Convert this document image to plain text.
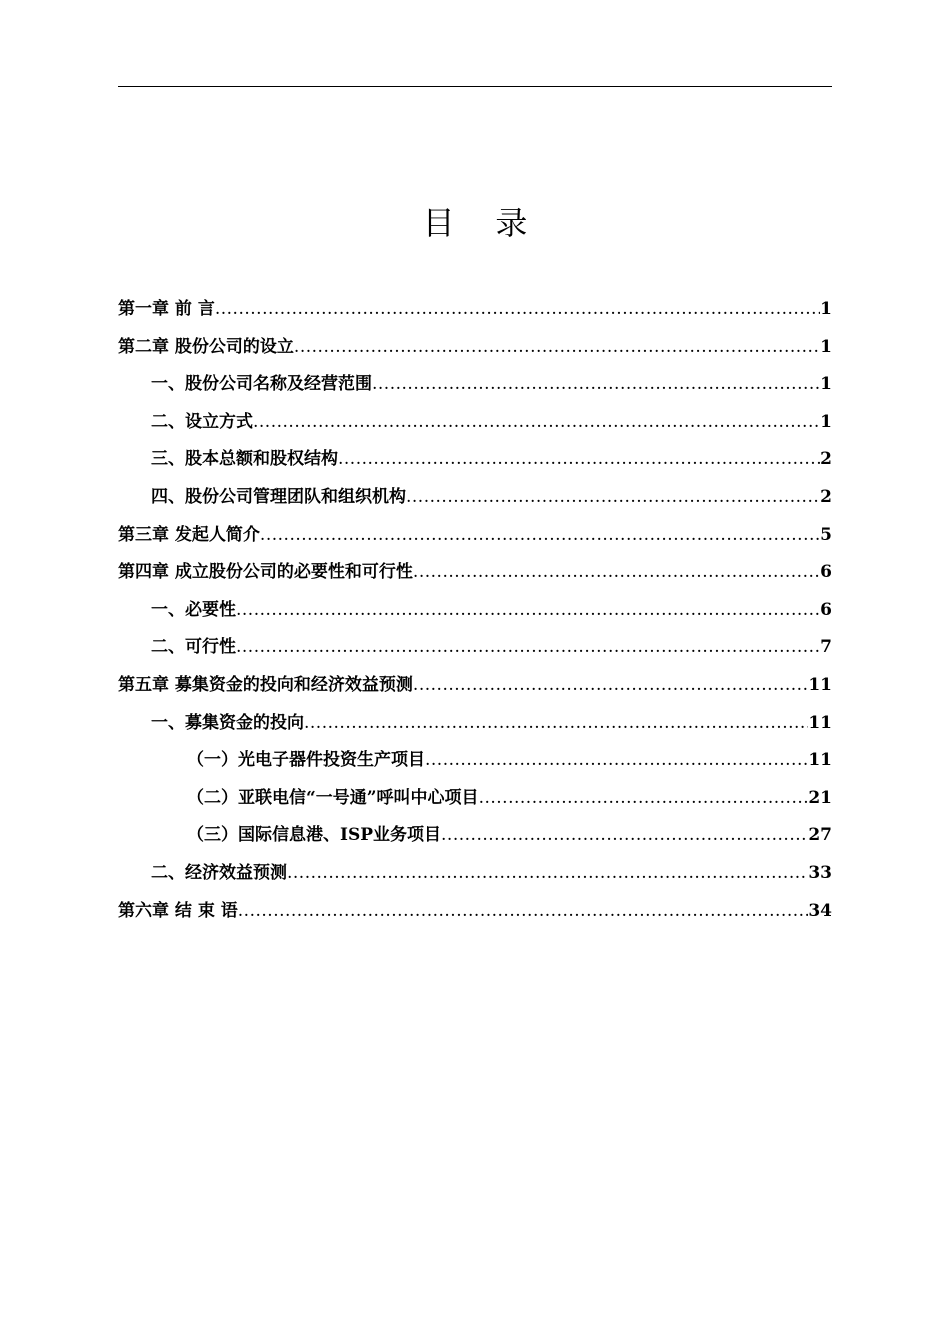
目    录
第一章 前 言 .....	1
第二章 股份公司的设立 .....	1
一、股份公司名称及经营范围 .....	1
二、设立方式 .....	1
三、股本总额和股权结构 .....	2
四、股份公司管理团队和组织机构 .....	2
第三章 发起人简介 .....	5
第四章 成立股份公司的必要性和可行性 .....	6
一、必要性 .....	6
二、可行性 .....	7
第五章 募集资金的投向和经济效益预测 .....	11
一、募集资金的投向 .....	11
（一）光电子器件投资生产项目 .....	11
（二）亚联电信“一号通”呼叫中心项目 .....	21
（三）国际信息港、ISP业务项目 .....	27
二、经济效益预测 .....	33
第六章 结 束 语 .....	34
